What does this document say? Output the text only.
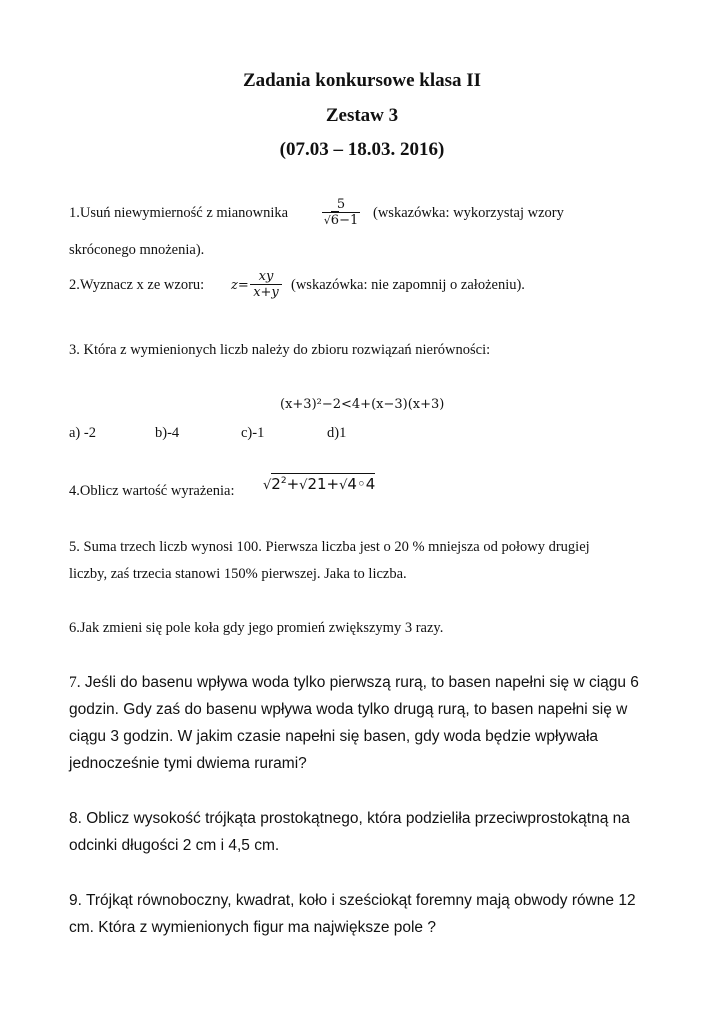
Zadania konkursowe klasa II
Zestaw 3
(07.03 – 18.03. 2016)
1.Usuń niewymierność z mianownika
5
√6−1 (wskazówka: wykorzystaj wzory
skróconego mnożenia).
2.Wyznacz x ze wzoru: z=
xy
x+y (wskazówka: nie zapomnij o założeniu).
3. Która z wymienionych liczb należy do zbioru rozwiązań nierówności:
(x+3)²−2<4+(x−3)(x+3)
a) -2	b)-4	c)-1	d)1
4.Oblicz wartość wyrażenia: $√2^2+√21+√4◦4$
5. Suma trzech liczb wynosi 100. Pierwsza liczba jest o 20 % mniejsza od połowy drugiej
liczby, zaś trzecia stanowi 150% pierwszej. Jaka to liczba.
6.Jak zmieni się pole koła gdy jego promień zwiększymy 3 razy.
7. Jeśli do basenu wpływa woda tylko pierwszą rurą, to basen napełni się w ciągu 6
godzin. Gdy zaś do basenu wpływa woda tylko drugą rurą, to basen napełni się w
ciągu 3 godzin. W jakim czasie napełni się basen, gdy woda będzie wpływała
jednocześnie tymi dwiema rurami?
8. Oblicz wysokość trójkąta prostokątnego, która podzieliła przeciwprostokątną na
odcinki długości 2 cm i 4,5 cm.
9. Trójkąt równoboczny, kwadrat, koło i sześciokąt foremny mają obwody równe 12
cm. Która z wymienionych figur ma największe pole ?
